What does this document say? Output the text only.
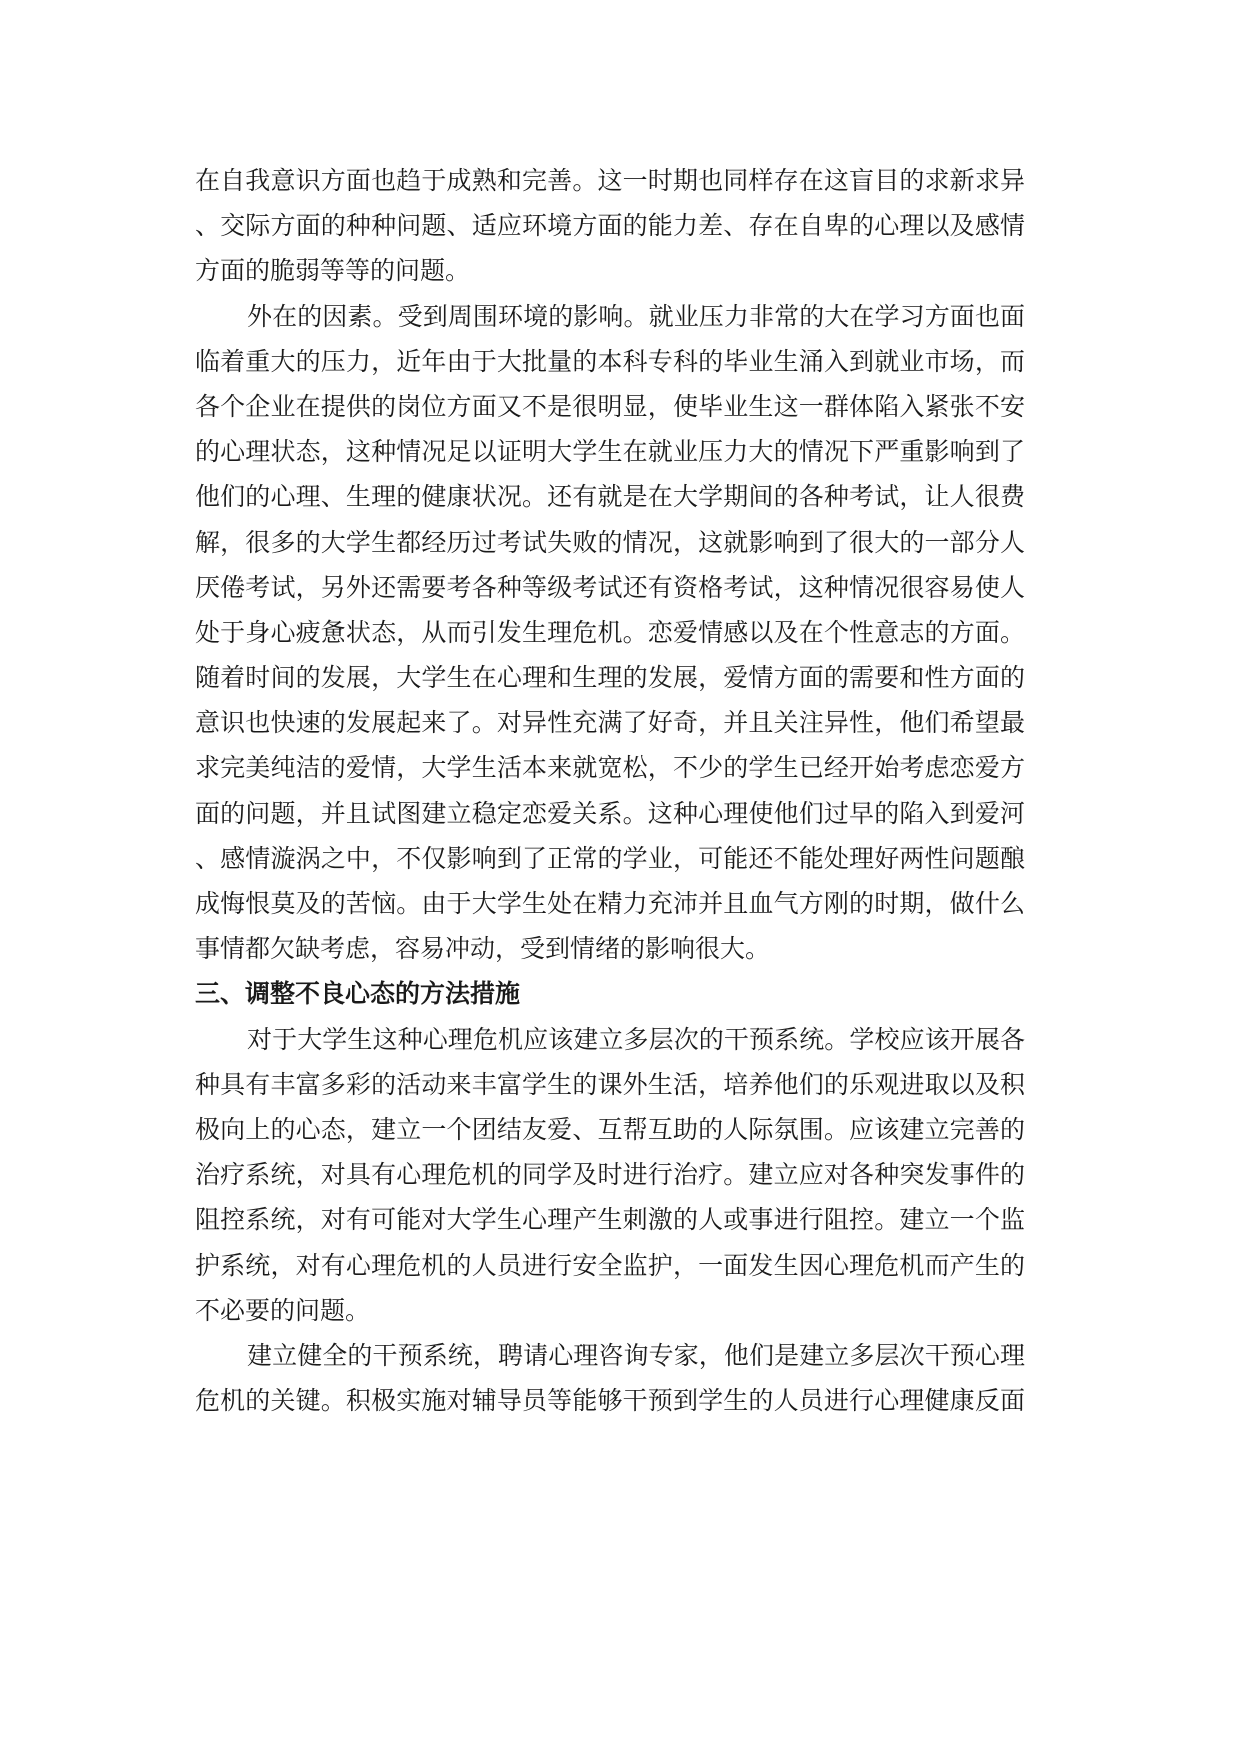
在自我意识方面也趋于成熟和完善。这一时期也同样存在这盲目的求新求异
、交际方面的种种问题、适应环境方面的能力差、存在自卑的心理以及感情
方面的脆弱等等的问题。
外在的因素。受到周围环境的影响。就业压力非常的大在学习方面也面
临着重大的压力，近年由于大批量的本科专科的毕业生涌入到就业市场，而
各个企业在提供的岗位方面又不是很明显，使毕业生这一群体陷入紧张不安
的心理状态，这种情况足以证明大学生在就业压力大的情况下严重影响到了
他们的心理、生理的健康状况。还有就是在大学期间的各种考试，让人很费
解，很多的大学生都经历过考试失败的情况，这就影响到了很大的一部分人
厌倦考试，另外还需要考各种等级考试还有资格考试，这种情况很容易使人
处于身心疲惫状态，从而引发生理危机。恋爱情感以及在个性意志的方面。
随着时间的发展，大学生在心理和生理的发展，爱情方面的需要和性方面的
意识也快速的发展起来了。对异性充满了好奇，并且关注异性，他们希望最
求完美纯洁的爱情，大学生活本来就宽松，不少的学生已经开始考虑恋爱方
面的问题，并且试图建立稳定恋爱关系。这种心理使他们过早的陷入到爱河
、感情漩涡之中，不仅影响到了正常的学业，可能还不能处理好两性问题酿
成悔恨莫及的苦恼。由于大学生处在精力充沛并且血气方刚的时期，做什么
事情都欠缺考虑，容易冲动，受到情绪的影响很大。
三、调整不良心态的方法措施
对于大学生这种心理危机应该建立多层次的干预系统。学校应该开展各
种具有丰富多彩的活动来丰富学生的课外生活，培养他们的乐观进取以及积
极向上的心态，建立一个团结友爱、互帮互助的人际氛围。应该建立完善的
治疗系统，对具有心理危机的同学及时进行治疗。建立应对各种突发事件的
阻控系统，对有可能对大学生心理产生刺激的人或事进行阻控。建立一个监
护系统，对有心理危机的人员进行安全监护，一面发生因心理危机而产生的
不必要的问题。
建立健全的干预系统，聘请心理咨询专家，他们是建立多层次干预心理
危机的关键。积极实施对辅导员等能够干预到学生的人员进行心理健康反面
